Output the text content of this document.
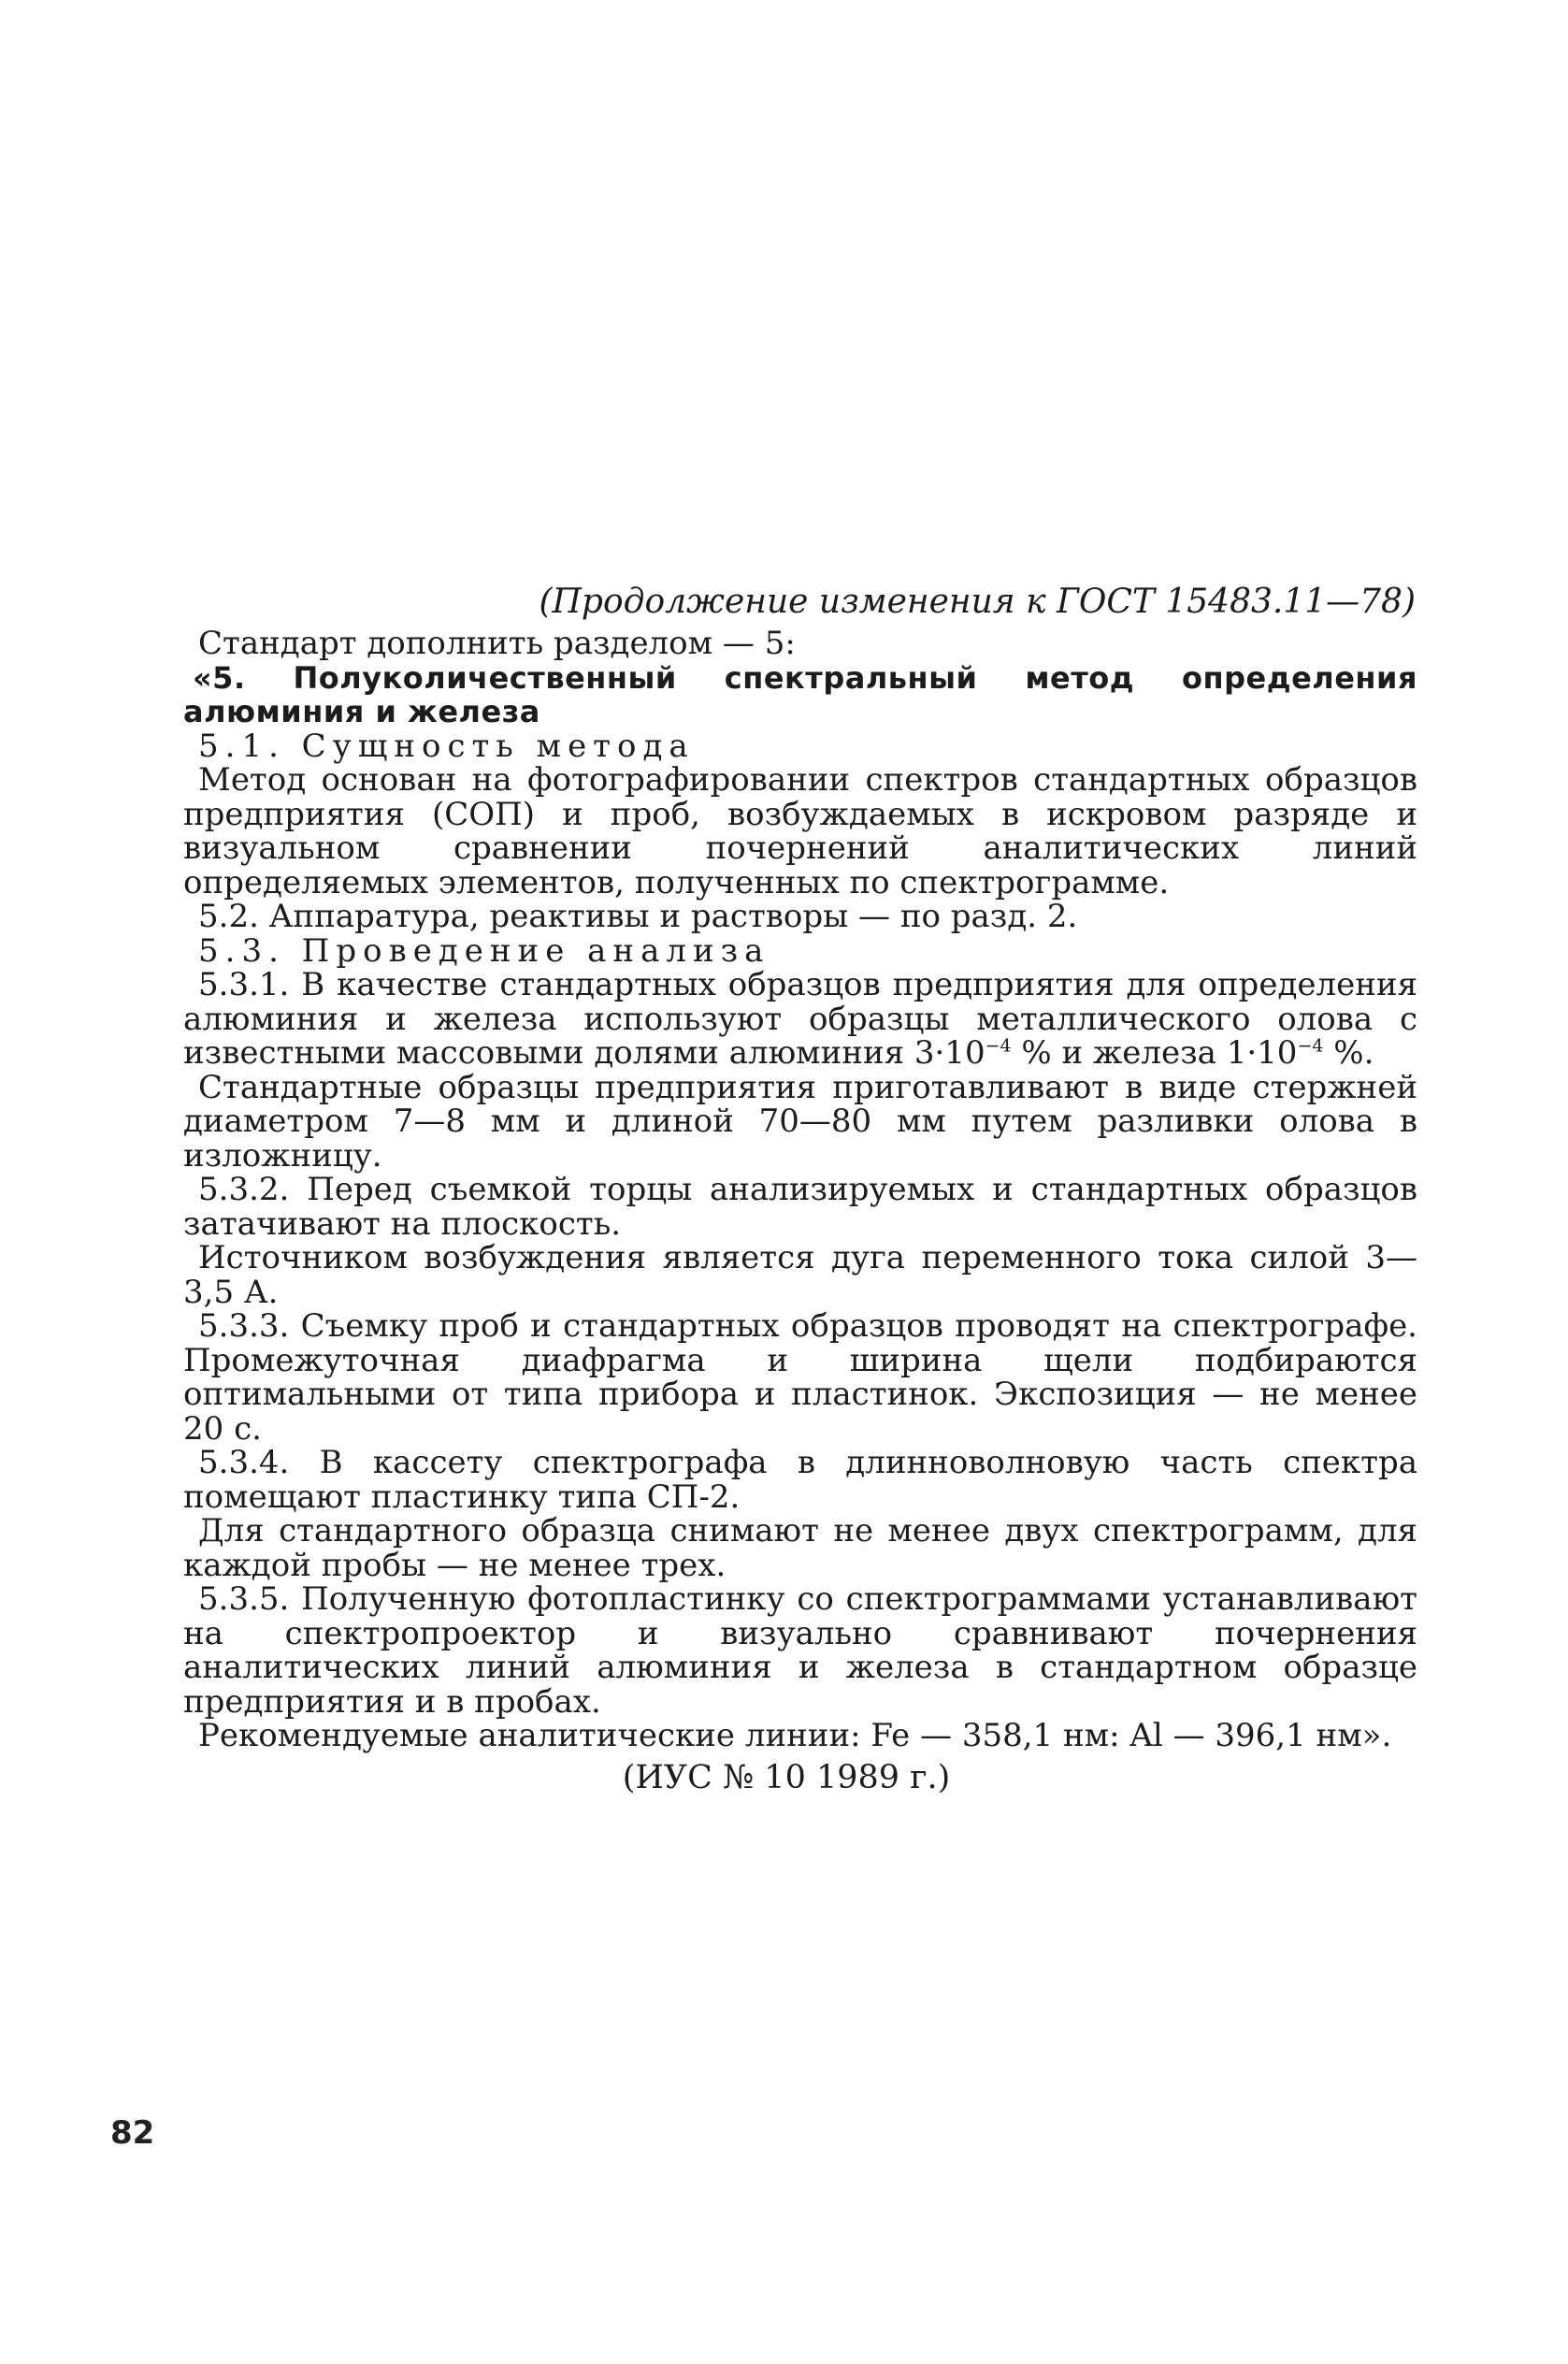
(Продолжение изменения к ГОСТ 15483.11—78)

Стандарт дополнить разделом — 5:

«5. Полуколичественный спектральный метод определения алюминия и железа

5.1. Сущность метода

Метод основан на фотографировании спектров стандартных образцов предприятия (СОП) и проб, возбуждаемых в искровом разряде и визуальном сравнении почернений аналитических линий определяемых элементов, полученных по спектрограмме.

5.2. Аппаратура, реактивы и растворы — по разд. 2.

5.3. Проведение анализа

5.3.1. В качестве стандартных образцов предприятия для определения алюминия и железа используют образцы металлического олова с известными массовыми долями алюминия $3\cdot 10^{-4}$ % и железа $1\cdot 10^{-4}$ %.

Стандартные образцы предприятия приготавливают в виде стержней диаметром 7—8 мм и длиной 70—80 мм путем разливки олова в изложницу.

5.3.2. Перед съемкой торцы анализируемых и стандартных образцов затачивают на плоскость.

Источником возбуждения является дуга переменного тока силой 3—3,5 А.

5.3.3. Съемку проб и стандартных образцов проводят на спектрографе. Промежуточная диафрагма и ширина щели подбираются оптимальными от типа прибора и пластинок. Экспозиция — не менее 20 с.

5.3.4. В кассету спектрографа в длинноволновую часть спектра помещают пластинку типа СП-2.

Для стандартного образца снимают не менее двух спектрограмм, для каждой пробы — не менее трех.

5.3.5. Полученную фотопластинку со спектрограммами устанавливают на спектропроектор и визуально сравнивают почернения аналитических линий алюминия и железа в стандартном образце предприятия и в пробах.

Рекомендуемые аналитические линии: Fe — 358,1 нм: Al — 396,1 нм».

(ИУС № 10 1989 г.)
82
